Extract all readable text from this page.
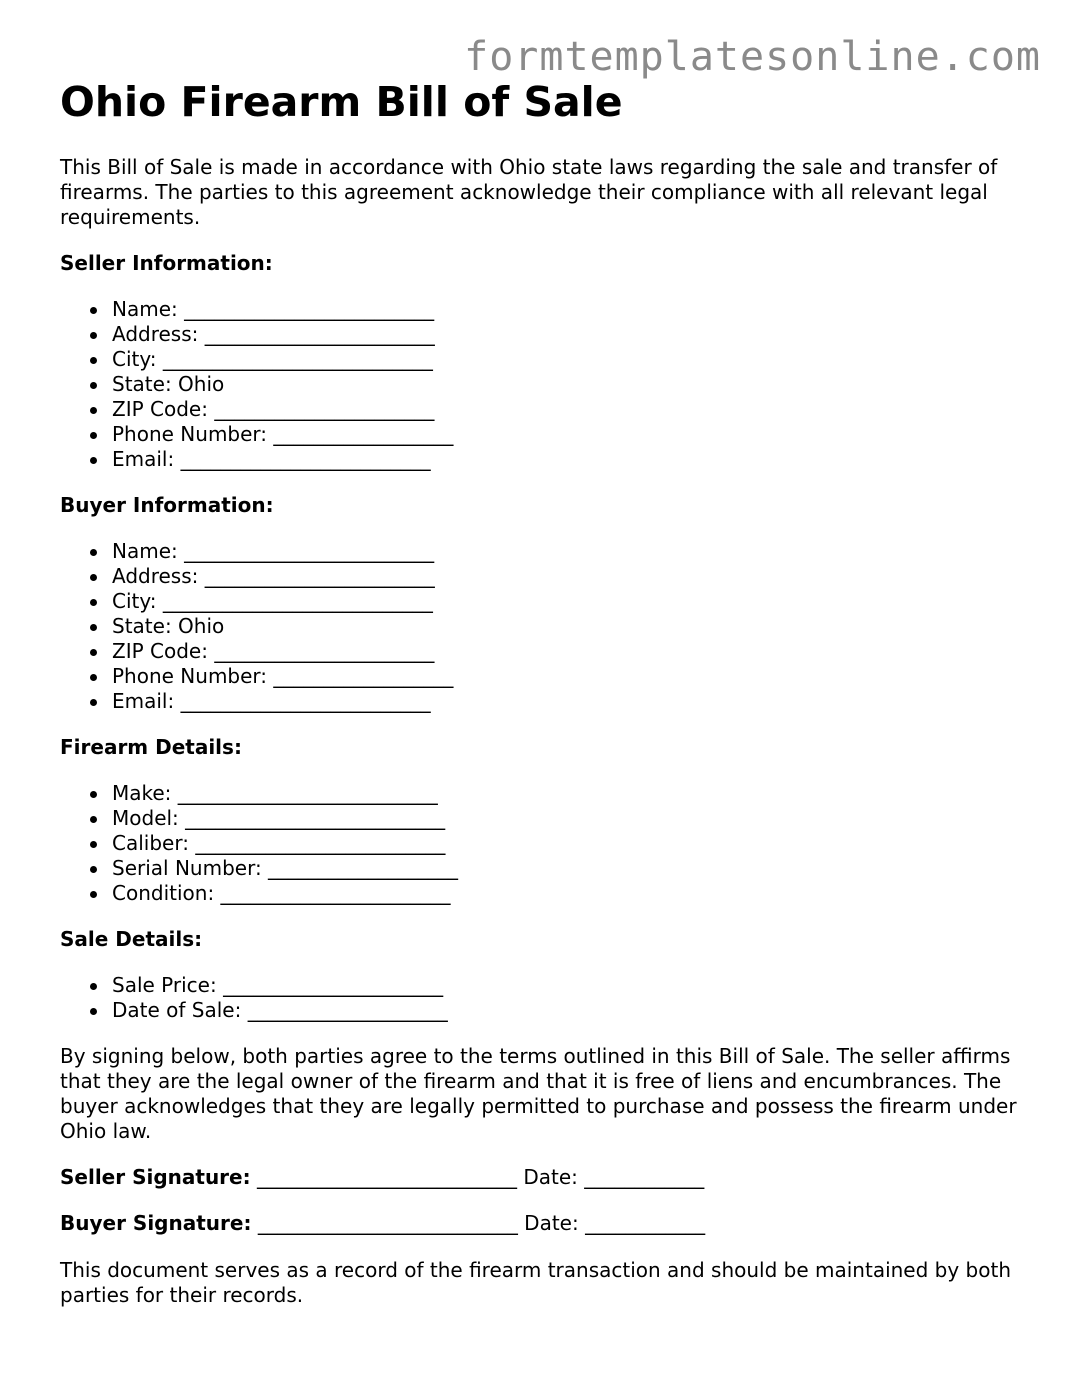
formtemplatesonline.com
Ohio Firearm Bill of Sale

This Bill of Sale is made in accordance with Ohio state laws regarding the sale and transfer of firearms. The parties to this agreement acknowledge their compliance with all relevant legal requirements.

Seller Information:

Name: _________________________
Address: _______________________
City: ___________________________
State: Ohio
ZIP Code: ______________________
Phone Number: __________________
Email: _________________________

Buyer Information:

Name: _________________________
Address: _______________________
City: ___________________________
State: Ohio
ZIP Code: ______________________
Phone Number: __________________
Email: _________________________

Firearm Details:

Make: __________________________
Model: __________________________
Caliber: _________________________
Serial Number: ___________________
Condition: _______________________

Sale Details:

Sale Price: ______________________
Date of Sale: ____________________

By signing below, both parties agree to the terms outlined in this Bill of Sale. The seller affirms that they are the legal owner of the firearm and that it is free of liens and encumbrances. The buyer acknowledges that they are legally permitted to purchase and possess the firearm under Ohio law.

Seller Signature: __________________________ Date: ____________

Buyer Signature: __________________________ Date: ____________

This document serves as a record of the firearm transaction and should be maintained by both parties for their records.
